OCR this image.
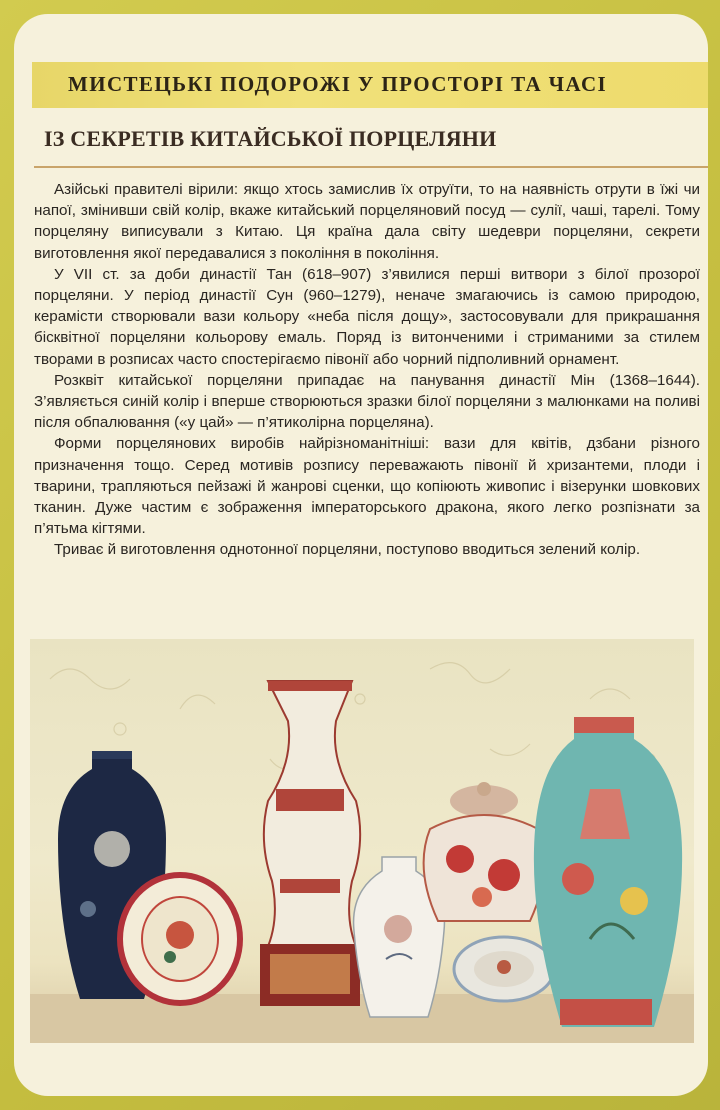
МИСТЕЦЬКІ ПОДОРОЖІ У ПРОСТОРІ ТА ЧАСІ
ІЗ СЕКРЕТІВ КИТАЙСЬКОЇ ПОРЦЕЛЯНИ

Азійські правителі вірили: якщо хтось замислив їх отруїти, то на наявність отрути в їжі чи напої, змінивши свій колір, вкаже китайський порцеляновий посуд — сулії, чаші, тарелі. Тому порцеляну виписували з Китаю. Ця країна дала світу шедеври порцеляни, секрети виготовлення якої передавалися з покоління в покоління.

У VII ст. за доби династії Тан (618–907) з’явилися перші витвори з білої прозорої порцеляни. У період династії Сун (960–1279), неначе змагаючись із самою природою, керамісти створювали вази кольору «неба після дощу», застосовували для прикрашання бісквітної порцеляни кольорову емаль. Поряд із витонченими і стриманими за стилем творами в розписах часто спостерігаємо півонії або чорний підполивний орнамент.

Розквіт китайської порцеляни припадає на панування династії Мін (1368–1644). З’являється синій колір і вперше створюються зразки білої порцеляни з малюнками на поливі після обпалювання («у цай» — п’ятиколірна порцеляна).

Форми порцелянових виробів найрізноманітніші: вази для квітів, дзбани різного призначення тощо. Серед мотивів розпису переважають півонії й хризантеми, плоди і тварини, трапляються пейзажі й жанрові сценки, що копіюють живопис і візерунки шовкових тканин. Дуже частим є зображення імператорського дракона, якого легко розпізнати за п’ятьма кігтями.

Триває й виготовлення однотонної порцеляни, поступово вводиться зелений колір.
